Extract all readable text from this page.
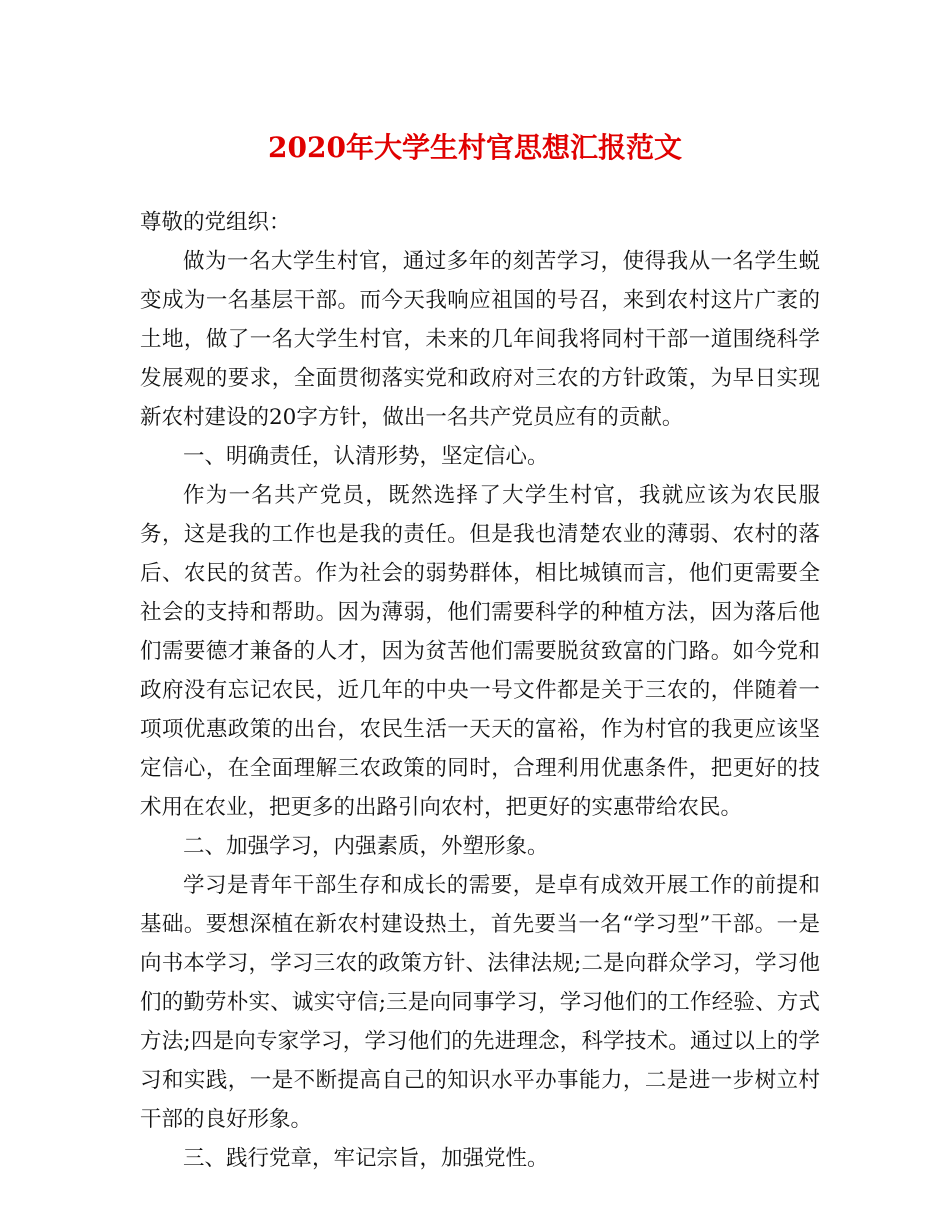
2020年大学生村官思想汇报范文

尊敬的党组织：

做为一名大学生村官，通过多年的刻苦学习，使得我从一名学生蜕变成为一名基层干部。而今天我响应祖国的号召，来到农村这片广袤的土地，做了一名大学生村官，未来的几年间我将同村干部一道围绕科学发展观的要求，全面贯彻落实党和政府对三农的方针政策，为早日实现新农村建设的20字方针，做出一名共产党员应有的贡献。

一、明确责任，认清形势，坚定信心。

作为一名共产党员，既然选择了大学生村官，我就应该为农民服务，这是我的工作也是我的责任。但是我也清楚农业的薄弱、农村的落后、农民的贫苦。作为社会的弱势群体，相比城镇而言，他们更需要全社会的支持和帮助。因为薄弱，他们需要科学的种植方法，因为落后他们需要德才兼备的人才，因为贫苦他们需要脱贫致富的门路。如今党和政府没有忘记农民，近几年的中央一号文件都是关于三农的，伴随着一项项优惠政策的出台，农民生活一天天的富裕，作为村官的我更应该坚定信心，在全面理解三农政策的同时，合理利用优惠条件，把更好的技术用在农业，把更多的出路引向农村，把更好的实惠带给农民。

二、加强学习，内强素质，外塑形象。

学习是青年干部生存和成长的需要，是卓有成效开展工作的前提和基础。要想深植在新农村建设热土，首先要当一名“学习型”干部。一是向书本学习，学习三农的政策方针、法律法规;二是向群众学习，学习他们的勤劳朴实、诚实守信;三是向同事学习，学习他们的工作经验、方式方法;四是向专家学习，学习他们的先进理念，科学技术。通过以上的学习和实践，一是不断提高自己的知识水平办事能力，二是进一步树立村干部的良好形象。

三、践行党章，牢记宗旨，加强党性。
